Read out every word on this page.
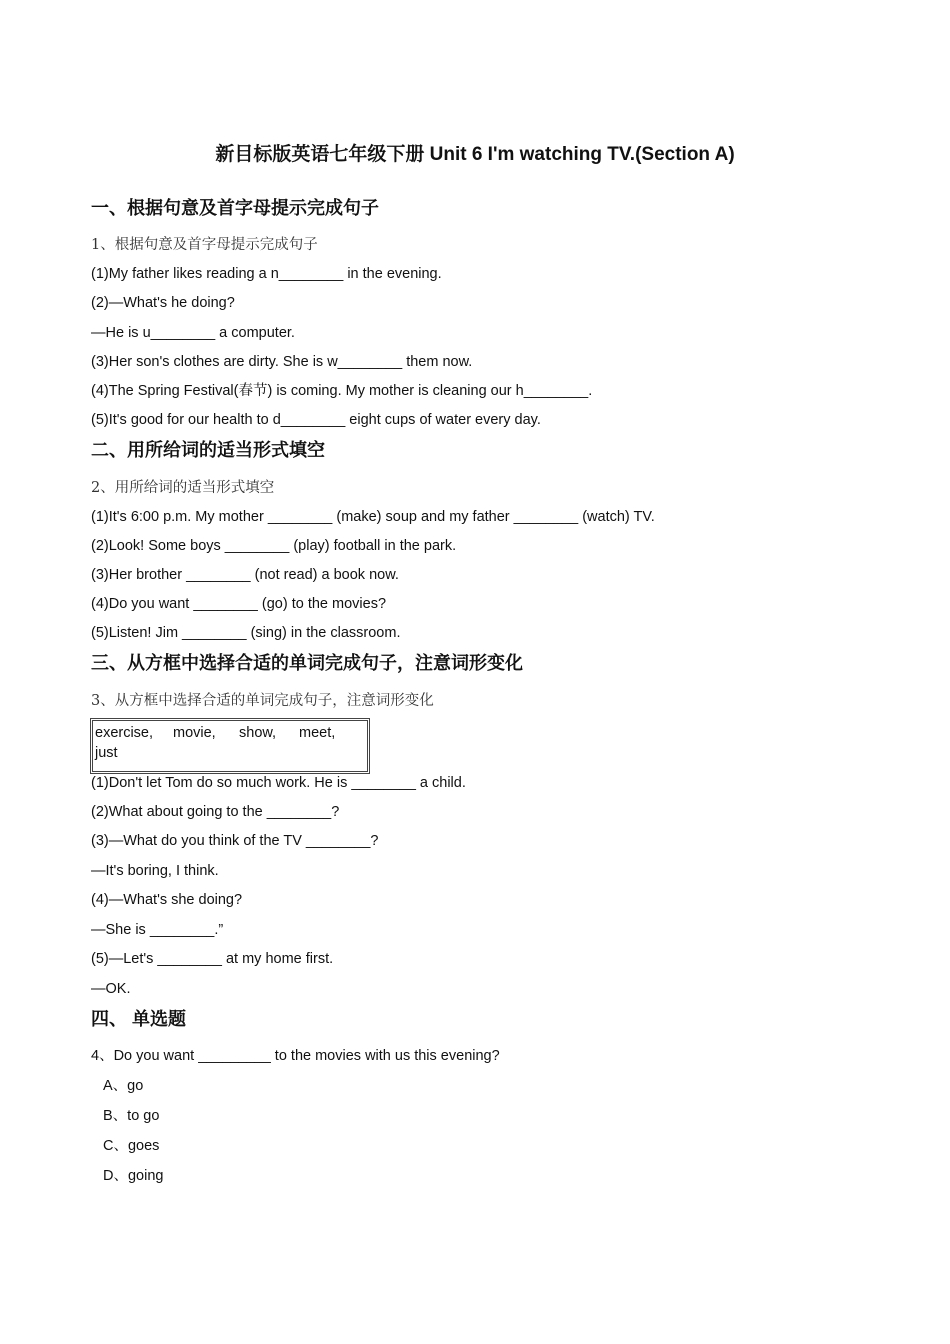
新目标版英语七年级下册 Unit 6 I'm watching TV.(Section A)
一、根据句意及首字母提示完成句子
1、根据句意及首字母提示完成句子
(1)My father likes reading a n________ in the evening.
(2)—What's he doing?
—He is u________ a computer.
(3)Her son's clothes are dirty. She is w________ them now.
(4)The Spring Festival(春节) is coming. My mother is cleaning our h________.
(5)It's good for our health to d________ eight cups of water every day.
二、用所给词的适当形式填空
2、用所给词的适当形式填空
(1)It's 6:00 p.m. My mother ________ (make) soup and my father ________ (watch) TV.
(2)Look! Some boys ________ (play) football in the park.
(3)Her brother ________ (not read) a book now.
(4)Do you want ________ (go) to the movies?
(5)Listen! Jim ________ (sing) in the classroom.
三、从方框中选择合适的单词完成句子，注意词形变化
3、从方框中选择合适的单词完成句子，注意词形变化
exercise, movie, show, meet,
just
(1)Don't let Tom do so much work. He is ________ a child.
(2)What about going to the ________?
(3)—What do you think of the TV ________?
—It's boring, I think.
(4)—What's she doing?
—She is ________.”
(5)—Let's ________ at my home first.
—OK.
四、 单选题
4、Do you want _________ to the movies with us this evening?
A、go
B、to go
C、goes
D、going
